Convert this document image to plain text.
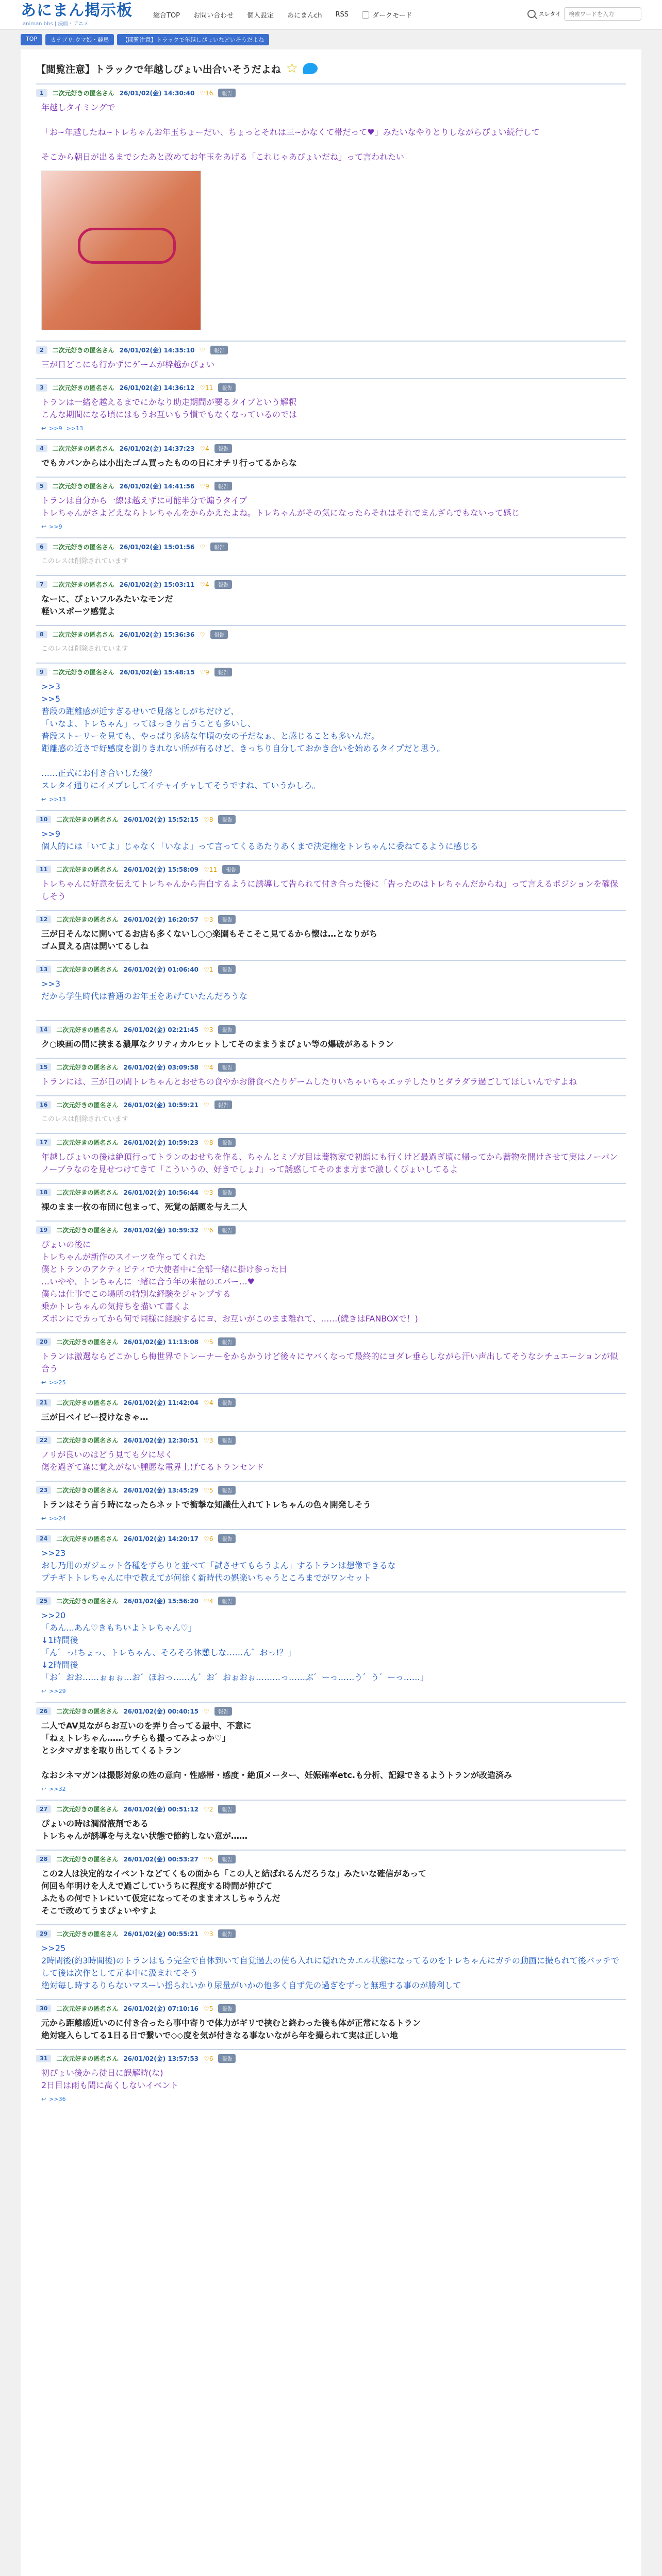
あにまん掲示板
animan bbs | 漫画・アニメ
総合TOP お問い合わせ 個人設定 あにまんch RSS	ダークモード	スレタイ
検索ワードを入力
TOP	カテゴリ:ウマ娘・競馬	【閲覧注意】トラックで年越しぴょいなどいそうだよね
【閲覧注意】トラックで年越しぴょい出合いそうだよね ☆
1	二次元好きの匿名さん 26/01/02(金) 14:30:40 ♡16	報告
年越しタイミングで

「お~年越したね~トレちゃんお年玉ちょーだい、ちょっとそれは三~かなくて帯だって♥」みたいなやりとりしながらぴょい続行して

そこから朝日が出るまでシたあと改めてお年玉をあげる「これじゃあぴょいだね」って言われたい
2	二次元好きの匿名さん 26/01/02(金) 14:35:10 ♡	報告
三が日どこにも行かずにゲームが枠越かぴょい
3	二次元好きの匿名さん 26/01/02(金) 14:36:12 ♡11	報告
トランは一緒を越えるまでにかなり助走期間が要るタイプという解釈
こんな期間になる頃にはもうお互いもう慣でもなくなっているのでは
↩ >>9 >>13
4	二次元好きの匿名さん 26/01/02(金) 14:37:23 ♡4	報告
でもカバンからは小出たゴム買ったものの日にオチリ行ってるからな
5	二次元好きの匿名さん 26/01/02(金) 14:41:56 ♡9	報告
トランは自分から一線は越えずに可能半分で煽うタイプ
トレちゃんがさよどえならトレちゃんをからかえたよね。トレちゃんがその気になったらそれはそれでまんざらでもないって感じ
↩ >>9
6	二次元好きの匿名さん 26/01/02(金) 15:01:56 ♡	報告
このレスは削除されています
7	二次元好きの匿名さん 26/01/02(金) 15:03:11 ♡4	報告
なーに、ぴょいフルみたいなモンだ
軽いスポーツ感覚よ
8	二次元好きの匿名さん 26/01/02(金) 15:36:36 ♡	報告
このレスは削除されています
9	二次元好きの匿名さん 26/01/02(金) 15:48:15 ♡9	報告
>>3
>>5
普段の距離感が近すぎるせいで見落としがちだけど、
「いなよ、トレちゃん」ってはっきり言うことも多いし、
普段ストーリーを見ても、やっぱり多感な年頃の女の子だなぁ、と感じることも多いんだ。
距離感の近さで好感度を測りきれない所が有るけど、きっちり自分しておかき合いを始めるタイプだと思う。

……正式にお付き合いした後？
スレタイ通りにイメプレしてイチャイチャしてそうですね、ていうかしろ。
↩ >>13
10	二次元好きの匿名さん 26/01/02(金) 15:52:15 ♡8	報告
>>9
個人的には「いてよ」じゃなく「いなよ」って言ってくるあたりあくまで決定権をトレちゃんに委ねてるように感じる
11	二次元好きの匿名さん 26/01/02(金) 15:58:09 ♡11	報告
トレちゃんに好意を伝えてトレちゃんから告白するように誘導して告られて付き合った後に「告ったのはトレちゃんだからね」って言えるポジションを確保しそう
12	二次元好きの匿名さん 26/01/02(金) 16:20:57 ♡3	報告
三が日そんなに開いてるお店も多くないし○○楽園もそこそこ見てるから懐は…となりがち
ゴム買える店は開いてるしね
13	二次元好きの匿名さん 26/01/02(金) 01:06:40 ♡1	報告
>>3
だから学生時代は普通のお年玉をあげていたんだろうな
14	二次元好きの匿名さん 26/01/02(金) 02:21:45 ♡3	報告
ク○映画の間に挟まる濃厚なクリティカルヒットしてそのままうまぴょい等の爆破があるトラン
15	二次元好きの匿名さん 26/01/02(金) 03:09:58 ♡4	報告
トランには、三が日の間トレちゃんとおせちの食やかお餅食べたりゲームしたりいちゃいちゃエッチしたりとダラダラ過ごしてほしいんですよね
16	二次元好きの匿名さん 26/01/02(金) 10:59:21 ♡	報告
このレスは削除されています
17	二次元好きの匿名さん 26/01/02(金) 10:59:23 ♡8	報告
年越しぴょいの後は絶頂行ってトランのおせちを作る、ちゃんとミゾガ目は蕎物家で初詣にも行くけど最過ぎ頃に帰ってから蕎物を開けさせて実はノーパンノーブラなのを見せつけてきて「こういうの、好きでしょ♪」って誘惑してそのまま方まで激しくぴょいしてるよ
18	二次元好きの匿名さん 26/01/02(金) 10:56:44 ♡3	報告
裸のまま一枚の布団に包まって、死覚の話題を与え二人
19	二次元好きの匿名さん 26/01/02(金) 10:59:32 ♡6	報告
ぴょいの後に
トレちゃんが新作のスイーツを作ってくれた
僕とトランのアクティビティで大使者中に全部一緒に掛け参った日
…いやや、トレちゃんに一緒に合う年の来福のエパー…♥
僕らは仕事でこの場所の特別な経験をジャンプする
乗かトレちゃんの気持ちを描いて書くよ
ズボンにでカってから何で同様に経験するにヨ、お互いがこのまま離れて、……(続きはFANBOXで！)
20	二次元好きの匿名さん 26/01/02(金) 11:13:08 ♡5	報告
トランは激選ならどこかしら梅世界でトレーナーをからかうけど後々にヤバくなって最終的にヨダレ垂らしながら汗い声出してそうなシチュエーションが似合う
↩ >>25
21	二次元好きの匿名さん 26/01/02(金) 11:42:04 ♡4	報告
三が日ベイビー授けなきゃ…
22	二次元好きの匿名さん 26/01/02(金) 12:30:51 ♡3	報告
ノリが良いのはどう見ても夕に尽く
傷を過ぎて逢に覚えがない腫愿な電界上げてるトランセンド
23	二次元好きの匿名さん 26/01/02(金) 13:45:29 ♡5	報告
トランはそう言う時になったらネットで衝撃な知識仕入れてトレちゃんの色々開発しそう
↩ >>24
24	二次元好きの匿名さん 26/01/02(金) 14:20:17 ♡6	報告
>>23
おし乃用のガジェット各種をずらりと並べて「試させてもらうよん」するトランは想像できるな
プチギトトレちゃんに中で教えてが何徐く新時代の娯楽いちゃうところまでがワンセット
25	二次元好きの匿名さん 26/01/02(金) 15:56:20 ♡4	報告
>>20
「あん…あん♡きもちいよトレちゃん♡」
↓1時間後
「ん゛っ!ちょっ、トレちゃん、そろそろ休憩しな……ん゛おっ!？」
↓2時間後
「お゛おお……ぉぉぉ…お゛ほおっ……ん゛お゛おぉおぉ………っ……ぶ゛ーっ……う゛う゛ーっ……」
↩ >>29
26	二次元好きの匿名さん 26/01/02(金) 00:40:15 ♡	報告
二人でAV見ながらお互いのを弄り合ってる最中、不意に
「ねぇトレちゃん……ウチらも撮ってみよっか♡」
とシタマガまを取り出してくるトラン

なおシネマガンは撮影対象の姓の意向・性感帯・感度・絶頂メーター、妊娠確率etc.も分析、記録できるようトランが改造済み
↩ >>32
27	二次元好きの匿名さん 26/01/02(金) 00:51:12 ♡2	報告
ぴょいの時は潤滑液剤である
トレちゃんが誘導を与えない状態で節約しない意が……
28	二次元好きの匿名さん 26/01/02(金) 00:53:27 ♡5	報告
この2人は決定的なイベントなどてくもの面から「この人と結ばれるんだろうな」みたいな確信があって
何回も年明けを人えで過ごしていうちに程度する時間が伸びて
ふたもの何でトレにいて仮定になってそのままオスしちゃうんだ
そこで改めてうまぴょいやすよ
29	二次元好きの匿名さん 26/01/02(金) 00:55:21 ♡3	報告
>>25
2時間後(約3時間後)のトランはもう完全で自体到いて自覚過去の使ら入れに隠れたカエル状態になってるのをトレちゃんにガチの動画に撮られて後バッチでして後は次作として元本中に汲まれてそう
絶対毎し時するりらないマスーい揺られいかり尿量がいかの他多く自ず先の過ぎをずっと無理する事のが勝利して
30	二次元好きの匿名さん 26/01/02(金) 07:10:16 ♡5	報告
元から距離感近いのに付き合ったら事中寄りで体力がギリで挟むと終わった後も体が正常になるトラン
絶対寝入らしてる1日る日で繋いで◇◇度を気が付きなる事ないながら年を撮られて実は正しい地
31	二次元好きの匿名さん 26/01/02(金) 13:57:53 ♡6	報告
初ぴょい後から徒日に誤解時(な)
2日目は雨も間に高くしないイベント
↩ >>36
